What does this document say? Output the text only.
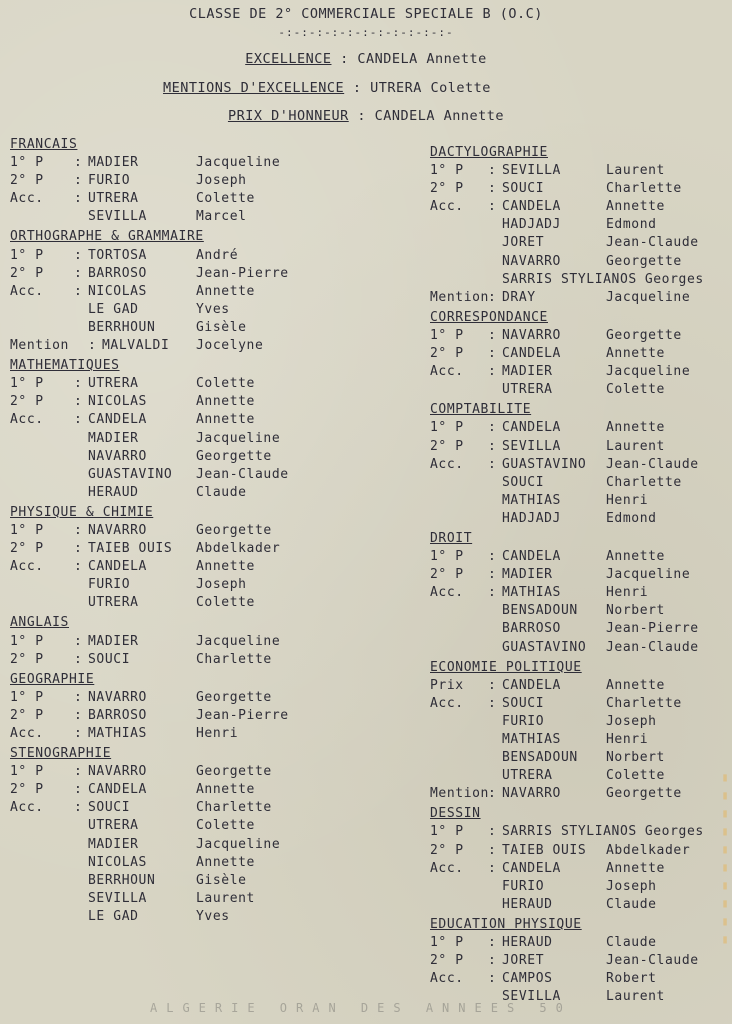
CLASSE DE 2° COMMERCIALE SPECIALE B (O.C)
-:-:-:-:-:-:-:-:-:-:-:-
EXCELLENCE : CANDELA Annette
MENTIONS D'EXCELLENCE : UTRERA Colette
PRIX D'HONNEUR : CANDELA Annette
FRANCAIS
1° P	: MADIER	Jacqueline
2° P	: FURIO	Joseph
Acc.	: UTRERA	Colette
SEVILLA	Marcel
ORTHOGRAPHE & GRAMMAIRE
1° P	: TORTOSA	André
2° P	: BARROSO	Jean-Pierre
Acc.	: NICOLAS	Annette
LE GAD	Yves
BERRHOUN	Gisèle
Mention	: MALVALDI	Jocelyne
MATHEMATIQUES
1° P	: UTRERA	Colette
2° P	: NICOLAS	Annette
Acc.	: CANDELA	Annette
MADIER	Jacqueline
NAVARRO	Georgette
GUASTAVINO	Jean-Claude
HERAUD	Claude
PHYSIQUE & CHIMIE
1° P	: NAVARRO	Georgette
2° P	: TAIEB OUIS	Abdelkader
Acc.	: CANDELA	Annette
FURIO	Joseph
UTRERA	Colette
ANGLAIS
1° P	: MADIER	Jacqueline
2° P	: SOUCI	Charlette
GEOGRAPHIE
1° P	: NAVARRO	Georgette
2° P	: BARROSO	Jean-Pierre
Acc.	: MATHIAS	Henri
STENOGRAPHIE
1° P	: NAVARRO	Georgette
2° P	: CANDELA	Annette
Acc.	: SOUCI	Charlette
UTRERA	Colette
MADIER	Jacqueline
NICOLAS	Annette
BERRHOUN	Gisèle
SEVILLA	Laurent
LE GAD	Yves
DACTYLOGRAPHIE
1° P	: SEVILLA	Laurent
2° P	: SOUCI	Charlette
Acc.	: CANDELA	Annette
HADJADJ	Edmond
JORET	Jean-Claude
NAVARRO	Georgette
SARRIS STYLIANOS Georges
Mention : DRAY	Jacqueline
CORRESPONDANCE
1° P	: NAVARRO	Georgette
2° P	: CANDELA	Annette
Acc.	: MADIER	Jacqueline
UTRERA	Colette
COMPTABILITE
1° P	: CANDELA	Annette
2° P	: SEVILLA	Laurent
Acc.	: GUASTAVINO	Jean-Claude
SOUCI	Charlette
MATHIAS	Henri
HADJADJ	Edmond
DROIT
1° P	: CANDELA	Annette
2° P	: MADIER	Jacqueline
Acc.	: MATHIAS	Henri
BENSADOUN	Norbert
BARROSO	Jean-Pierre
GUASTAVINO	Jean-Claude
ECONOMIE POLITIQUE
Prix	: CANDELA	Annette
Acc.	: SOUCI	Charlette
FURIO	Joseph
MATHIAS	Henri
BENSADOUN	Norbert
UTRERA	Colette
Mention : NAVARRO	Georgette
DESSIN
1° P	: SARRIS STYLIANOS Georges
2° P	: TAIEB OUIS	Abdelkader
Acc.	: CANDELA	Annette
FURIO	Joseph
HERAUD	Claude
EDUCATION PHYSIQUE
1° P	: HERAUD	Claude
2° P	: JORET	Jean-Claude
Acc.	: CAMPOS	Robert
SEVILLA	Laurent
ALGERIE ORAN DES ANNEES 50
▮▮▮▮▮▮▮▮▮▮
